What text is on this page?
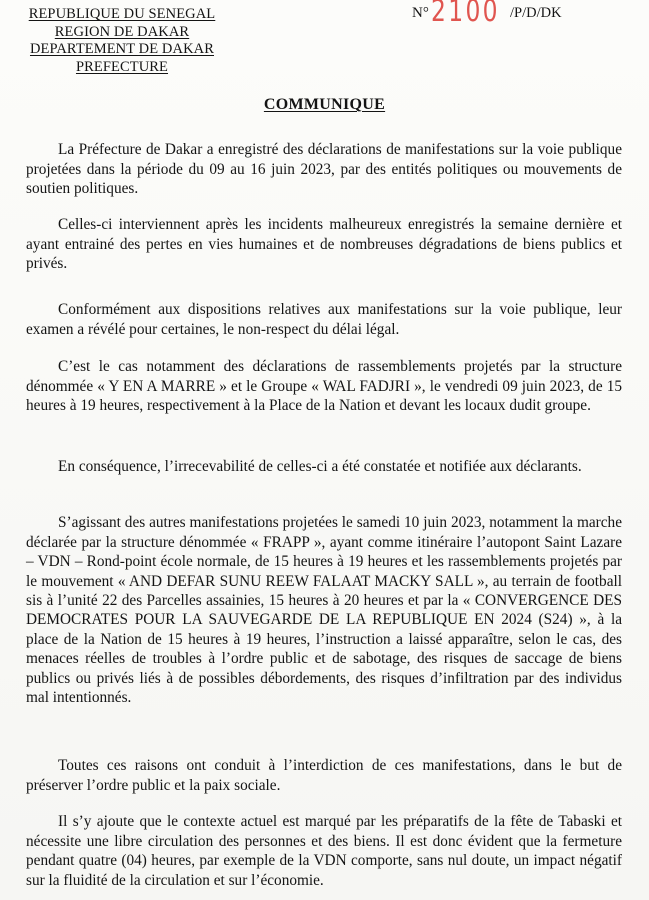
REPUBLIQUE DU SENEGAL
REGION DE DAKAR
DEPARTEMENT DE DAKAR
PREFECTURE
N° 2100 /P/D/DK
COMMUNIQUE

La Préfecture de Dakar a enregistré des déclarations de manifestations sur la voie publique projetées dans la période du 09 au 16 juin 2023, par des entités politiques ou mouvements de soutien politiques.

Celles-ci interviennent après les incidents malheureux enregistrés la semaine dernière et ayant entrainé des pertes en vies humaines et de nombreuses dégradations de biens publics et privés.

Conformément aux dispositions relatives aux manifestations sur la voie publique, leur examen a révélé pour certaines, le non-respect du délai légal.

C’est le cas notamment des déclarations de rassemblements projetés par la structure dénommée « Y EN A MARRE » et le Groupe « WAL FADJRI », le vendredi 09 juin 2023, de 15 heures à 19 heures, respectivement à la Place de la Nation et devant les locaux dudit groupe.

En conséquence, l’irrecevabilité de celles-ci a été constatée et notifiée aux déclarants.

S’agissant des autres manifestations projetées le samedi 10 juin 2023, notamment la marche déclarée par la structure dénommée « FRAPP », ayant comme itinéraire l’autopont Saint Lazare – VDN – Rond-point école normale, de 15 heures à 19 heures et les rassemblements projetés par le mouvement « AND DEFAR SUNU REEW FALAAT MACKY SALL », au terrain de football sis à l’unité 22 des Parcelles assainies, 15 heures à 20 heures et par la « CONVERGENCE DES DEMOCRATES POUR LA SAUVEGARDE DE LA REPUBLIQUE EN 2024 (S24) », à la place de la Nation de 15 heures à 19 heures, l’instruction a laissé apparaître, selon le cas, des menaces réelles de troubles à l’ordre public et de sabotage, des risques de saccage de biens publics ou privés liés à de possibles débordements, des risques d’infiltration par des individus mal intentionnés.

Toutes ces raisons ont conduit à l’interdiction de ces manifestations, dans le but de préserver l’ordre public et la paix sociale.

Il s’y ajoute que le contexte actuel est marqué par les préparatifs de la fête de Tabaski et nécessite une libre circulation des personnes et des biens. Il est donc évident que la fermeture pendant quatre (04) heures, par exemple de la VDN comporte, sans nul doute, un impact négatif sur la fluidité de la circulation et sur l’économie.
